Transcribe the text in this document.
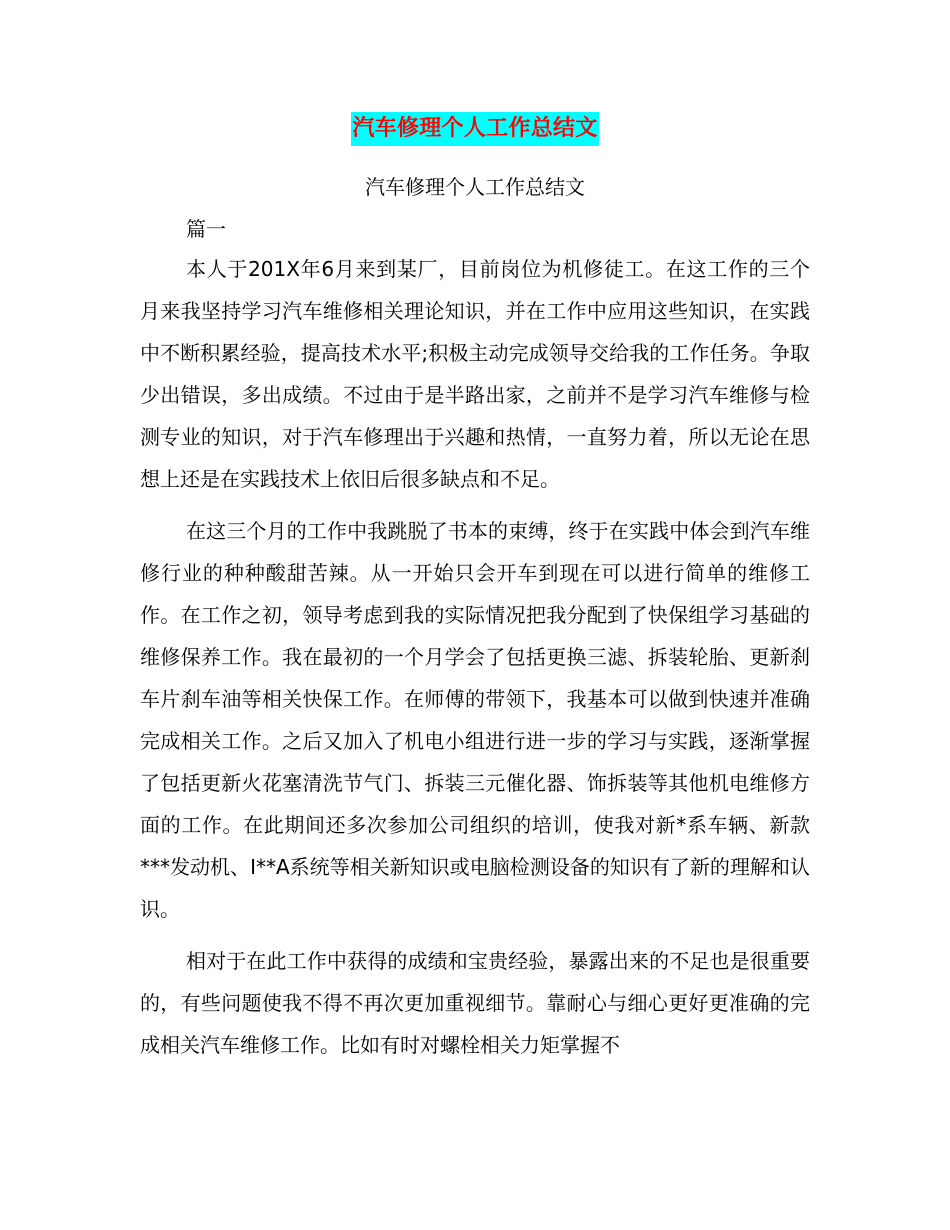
汽车修理个人工作总结文
汽车修理个人工作总结文
篇一

本人于201X年6月来到某厂，目前岗位为机修徒工。在这工作的三个月来我坚持学习汽车维修相关理论知识，并在工作中应用这些知识，在实践中不断积累经验，提高技术水平;积极主动完成领导交给我的工作任务。争取少出错误，多出成绩。不过由于是半路出家，之前并不是学习汽车维修与检测专业的知识，对于汽车修理出于兴趣和热情，一直努力着，所以无论在思想上还是在实践技术上依旧后很多缺点和不足。

在这三个月的工作中我跳脱了书本的束缚，终于在实践中体会到汽车维修行业的种种酸甜苦辣。从一开始只会开车到现在可以进行简单的维修工作。在工作之初，领导考虑到我的实际情况把我分配到了快保组学习基础的维修保养工作。我在最初的一个月学会了包括更换三滤、拆装轮胎、更新刹车片刹车油等相关快保工作。在师傅的带领下，我基本可以做到快速并准确完成相关工作。之后又加入了机电小组进行进一步的学习与实践，逐渐掌握了包括更新火花塞清洗节气门、拆装三元催化器、饰拆装等其他机电维修方面的工作。在此期间还多次参加公司组织的培训，使我对新*系车辆、新款***发动机、I**A系统等相关新知识或电脑检测设备的知识有了新的理解和认识。

相对于在此工作中获得的成绩和宝贵经验，暴露出来的不足也是很重要的，有些问题使我不得不再次更加重视细节。靠耐心与细心更好更准确的完成相关汽车维修工作。比如有时对螺栓相关力矩掌握不
